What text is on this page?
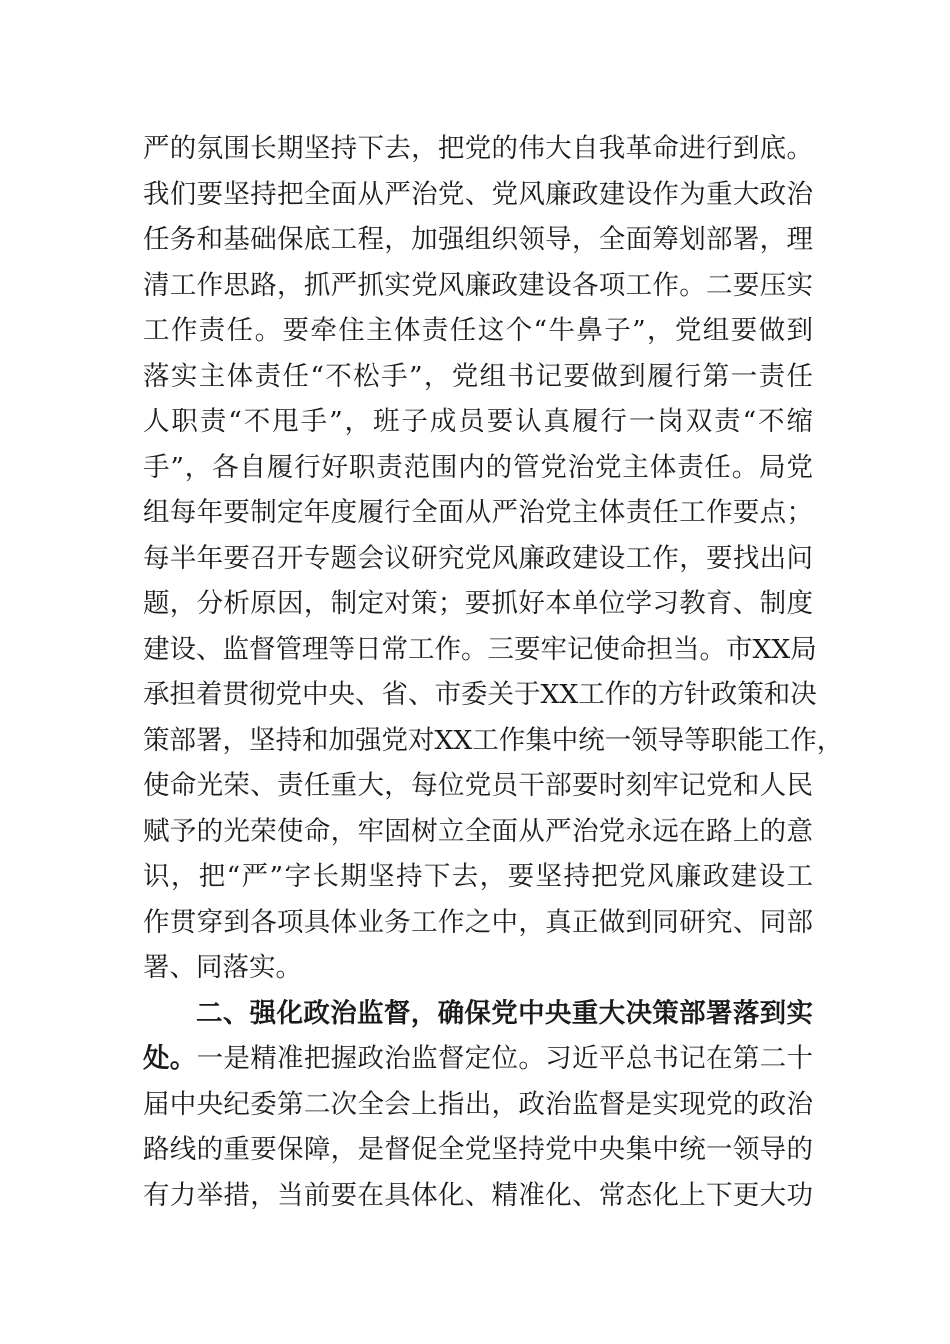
严的氛围长期坚持下去，把党的伟大自我革命进行到底。
我们要坚持把全面从严治党、党风廉政建设作为重大政治
任务和基础保底工程，加强组织领导，全面筹划部署，理
清工作思路，抓严抓实党风廉政建设各项工作。二要压实
工作责任。要牵住主体责任这个“牛鼻子”，党组要做到
落实主体责任“不松手”，党组书记要做到履行第一责任
人职责“不甩手”，班子成员要认真履行一岗双责“不缩
手”，各自履行好职责范围内的管党治党主体责任。局党
组每年要制定年度履行全面从严治党主体责任工作要点；
每半年要召开专题会议研究党风廉政建设工作，要找出问
题，分析原因，制定对策；要抓好本单位学习教育、制度
建设、监督管理等日常工作。三要牢记使命担当。市XX局
承担着贯彻党中央、省、市委关于XX工作的方针政策和决
策部署，坚持和加强党对XX工作集中统一领导等职能工作，
使命光荣、责任重大，每位党员干部要时刻牢记党和人民
赋予的光荣使命，牢固树立全面从严治党永远在路上的意
识，把“严”字长期坚持下去，要坚持把党风廉政建设工
作贯穿到各项具体业务工作之中，真正做到同研究、同部
署、同落实。
二、强化政治监督，确保党中央重大决策部署落到实
处。一是精准把握政治监督定位。习近平总书记在第二十
届中央纪委第二次全会上指出，政治监督是实现党的政治
路线的重要保障，是督促全党坚持党中央集中统一领导的
有力举措，当前要在具体化、精准化、常态化上下更大功
